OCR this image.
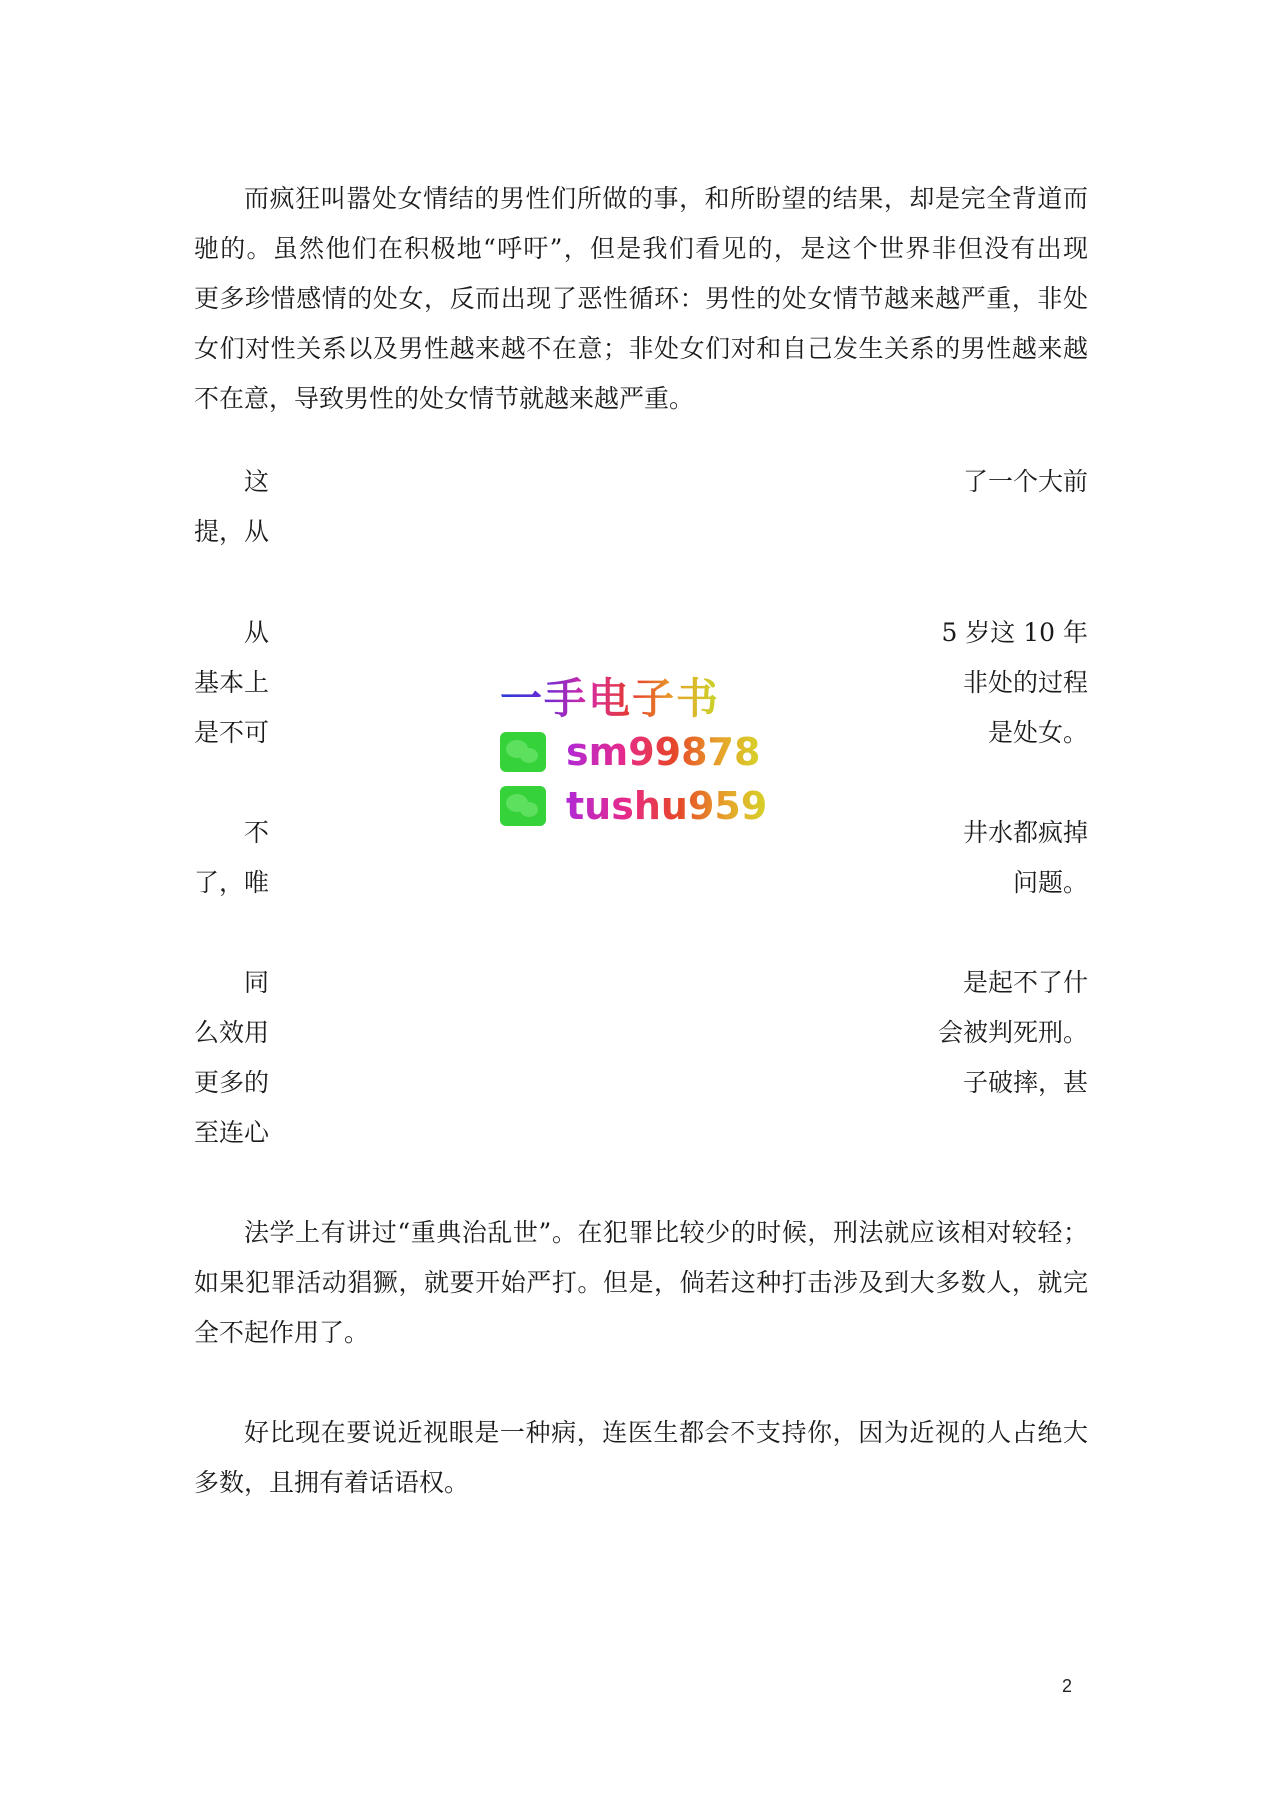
而疯狂叫嚣处女情结的男性们所做的事，和所盼望的结果，却是完全背道而
驰的。虽然他们在积极地“呼吁”，但是我们看见的，是这个世界非但没有出现
更多珍惜感情的处女，反而出现了恶性循环：男性的处女情节越来越严重，非处
女们对性关系以及男性越来越不在意；非处女们对和自己发生关系的男性越来越
不在意，导致男性的处女情节就越来越严重。
这	了一个大前
提，从
从	5 岁这 10 年
基本上	非处的过程
是不可	是处女。
不	井水都疯掉
了，唯	问题。
同	是起不了什
么效用	会被判死刑。
更多的	子破摔，甚
至连心
法学上有讲过“重典治乱世”。在犯罪比较少的时候，刑法就应该相对较轻；
如果犯罪活动猖獗，就要开始严打。但是，倘若这种打击涉及到大多数人，就完
全不起作用了。
好比现在要说近视眼是一种病，连医生都会不支持你，因为近视的人占绝大
多数，且拥有着话语权。
一手电子书
sm99878
tushu959
2
